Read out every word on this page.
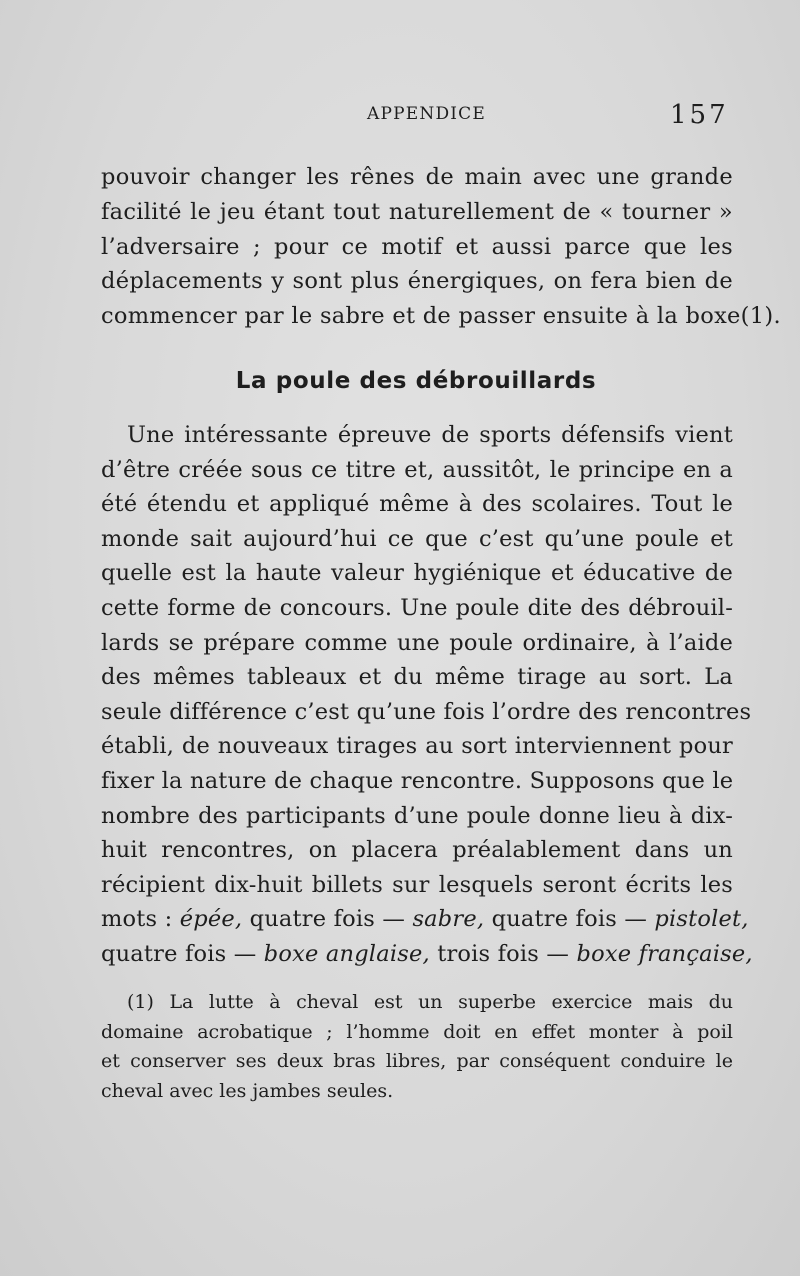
APPENDICE	157
pouvoir changer les rênes de main avec une grande
facilité le jeu étant tout naturellement de « tourner »
l’adversaire ; pour ce motif et aussi parce que les
déplacements y sont plus énergiques, on fera bien de
commencer par le sabre et de passer ensuite à la boxe(1).
La poule des débrouillards
Une intéressante épreuve de sports défensifs vient
d’être créée sous ce titre et, aussitôt, le principe en a
été étendu et appliqué même à des scolaires. Tout le
monde sait aujourd’hui ce que c’est qu’une poule et
quelle est la haute valeur hygiénique et éducative de
cette forme de concours. Une poule dite des débrouil-
lards se prépare comme une poule ordinaire, à l’aide
des mêmes tableaux et du même tirage au sort. La
seule différence c’est qu’une fois l’ordre des rencontres
établi, de nouveaux tirages au sort interviennent pour
fixer la nature de chaque rencontre. Supposons que le
nombre des participants d’une poule donne lieu à dix-
huit rencontres, on placera préalablement dans un
récipient dix-huit billets sur lesquels seront écrits les
mots : épée, quatre fois — sabre, quatre fois — pistolet,
quatre fois — boxe anglaise, trois fois — boxe française,
(1) La lutte à cheval est un superbe exercice mais du
domaine acrobatique ; l’homme doit en effet monter à poil
et conserver ses deux bras libres, par conséquent conduire le
cheval avec les jambes seules.
